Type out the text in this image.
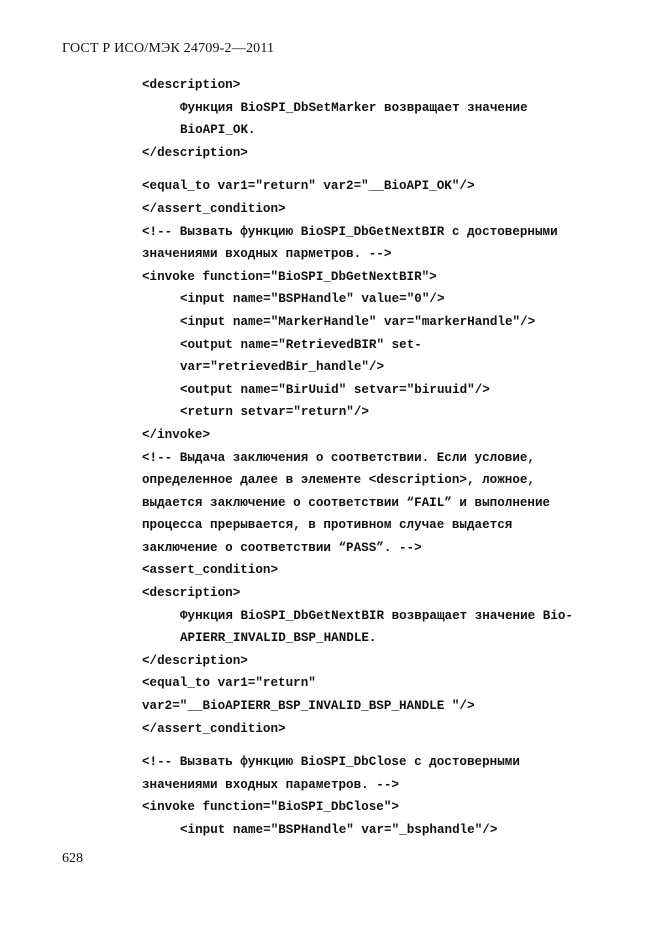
ГОСТ Р ИСО/МЭК 24709-2—2011
<description>
Функция BioSPI_DbSetMarker возвращает значение
BioAPI_OK.
</description>
<equal_to var1="return" var2="__BioAPI_OK"/>
</assert_condition>
<!-- Вызвать функцию BioSPI_DbGetNextBIR с достоверными
значениями входных парметров. -->
<invoke function="BioSPI_DbGetNextBIR">
<input name="BSPHandle" value="0"/>
<input name="MarkerHandle" var="markerHandle"/>
<output name="RetrievedBIR" set-
var="retrievedBir_handle"/>
<output name="BirUuid" setvar="biruuid"/>
<return setvar="return"/>
</invoke>
<!-- Выдача заключения о соответствии. Если условие,
определенное далее в элементе <description>, ложное,
выдается заключение о соответствии “FAIL” и выполнение
процесса прерывается, в противном случае выдается
заключение о соответствии “PASS”. -->
<assert_condition>
<description>
Функция BioSPI_DbGetNextBIR возвращает значение Bio-
APIERR_INVALID_BSP_HANDLE.
</description>
<equal_to var1="return"
var2="__BioAPIERR_BSP_INVALID_BSP_HANDLE "/>
</assert_condition>
<!-- Вызвать функцию BioSPI_DbClose с достоверными
значениями входных параметров. -->
<invoke function="BioSPI_DbClose">
<input name="BSPHandle" var="_bsphandle"/>
628
